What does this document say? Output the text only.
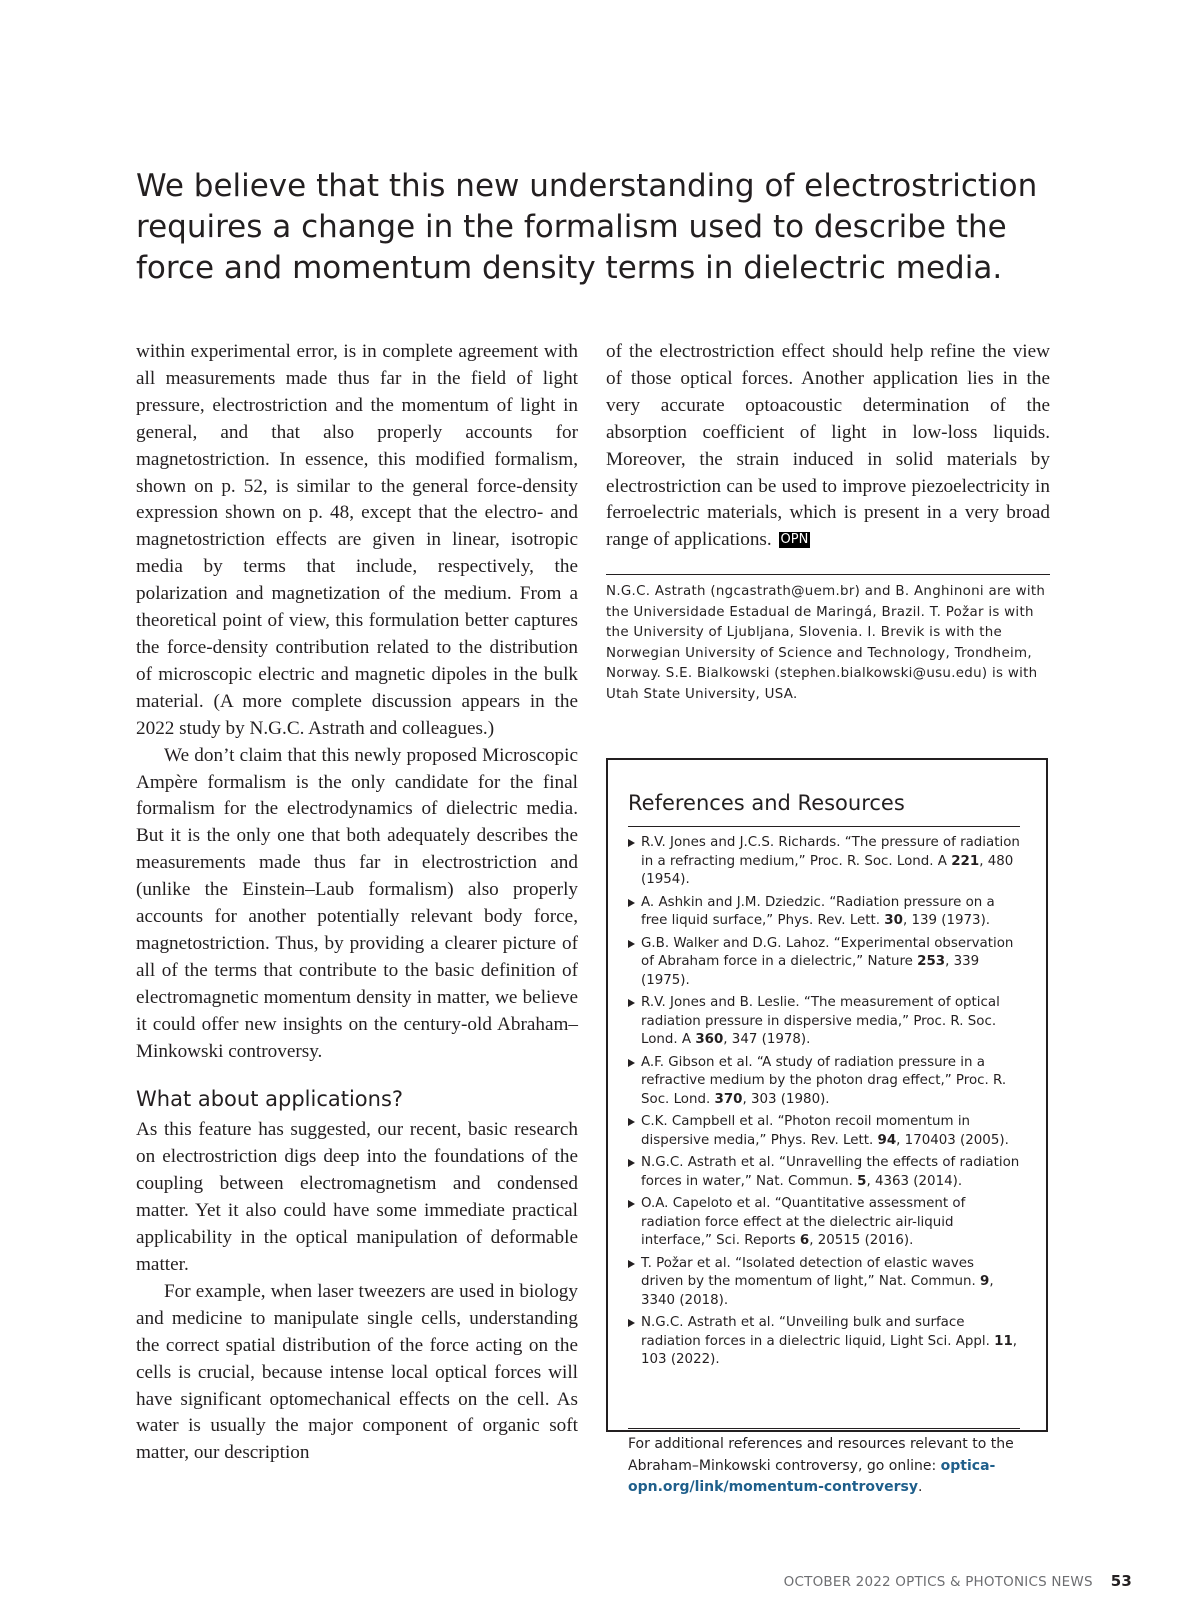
We believe that this new understanding of electrostriction requires a change in the formalism used to describe the force and momentum density terms in dielectric media.

within experimental error, is in complete agreement with all measurements made thus far in the field of light pressure, electrostriction and the momentum of light in general, and that also properly accounts for magnetostriction. In essence, this modified formalism, shown on p. 52, is similar to the general force-density expression shown on p. 48, except that the electro- and magnetostriction effects are given in linear, isotropic media by terms that include, respectively, the polarization and magnetization of the medium. From a theoretical point of view, this formulation better captures the force-density contribution related to the distribution of microscopic electric and magnetic dipoles in the bulk material. (A more complete discussion appears in the 2022 study by N.G.C. Astrath and colleagues.)

We don’t claim that this newly proposed Microscopic Ampère formalism is the only candidate for the final formalism for the electrodynamics of dielectric media. But it is the only one that both adequately describes the measurements made thus far in electrostriction and (unlike the Einstein–Laub formalism) also properly accounts for another potentially relevant body force, magnetostriction. Thus, by providing a clearer picture of all of the terms that contribute to the basic definition of electromagnetic momentum density in matter, we believe it could offer new insights on the century-old Abraham–Minkowski controversy.

What about applications?

As this feature has suggested, our recent, basic research on electrostriction digs deep into the foundations of the coupling between electromagnetism and condensed matter. Yet it also could have some immediate practical applicability in the optical manipulation of deformable matter.

For example, when laser tweezers are used in biology and medicine to manipulate single cells, understanding the correct spatial distribution of the force acting on the cells is crucial, because intense local optical forces will have significant optomechanical effects on the cell. As water is usually the major component of organic soft matter, our description

of the electrostriction effect should help refine the view of those optical forces. Another application lies in the very accurate optoacoustic determination of the absorption coefficient of light in low-loss liquids. Moreover, the strain induced in solid materials by electrostriction can be used to improve piezoelectricity in ferroelectric materials, which is present in a very broad range of applications. OPN

N.G.C. Astrath (ngcastrath@uem.br) and B. Anghinoni are with the Universidade Estadual de Maringá, Brazil. T. Požar is with the University of Ljubljana, Slovenia. I. Brevik is with the Norwegian University of Science and Technology, Trondheim, Norway. S.E. Bialkowski (stephen.bialkowski@usu.edu) is with Utah State University, USA.
References and Resources
R.V. Jones and J.C.S. Richards. “The pressure of radiation in a refracting medium,” Proc. R. Soc. Lond. A 221, 480 (1954).
A. Ashkin and J.M. Dziedzic. “Radiation pressure on a free liquid surface,” Phys. Rev. Lett. 30, 139 (1973).
G.B. Walker and D.G. Lahoz. “Experimental observation of Abraham force in a dielectric,” Nature 253, 339 (1975).
R.V. Jones and B. Leslie. “The measurement of optical radiation pressure in dispersive media,” Proc. R. Soc. Lond. A 360, 347 (1978).
A.F. Gibson et al. “A study of radiation pressure in a refractive medium by the photon drag effect,” Proc. R. Soc. Lond. 370, 303 (1980).
C.K. Campbell et al. “Photon recoil momentum in dispersive media,” Phys. Rev. Lett. 94, 170403 (2005).
N.G.C. Astrath et al. “Unravelling the effects of radiation forces in water,” Nat. Commun. 5, 4363 (2014).
O.A. Capeloto et al. “Quantitative assessment of radiation force effect at the dielectric air-liquid interface,” Sci. Reports 6, 20515 (2016).
T. Požar et al. “Isolated detection of elastic waves driven by the momentum of light,” Nat. Commun. 9, 3340 (2018).
N.G.C. Astrath et al. “Unveiling bulk and surface radiation forces in a dielectric liquid, Light Sci. Appl. 11, 103 (2022).
For additional references and resources relevant to the Abraham–Minkowski controversy, go online: optica-opn.org/link/momentum-controversy.
OCTOBER 2022 OPTICS & PHOTONICS NEWS 53
